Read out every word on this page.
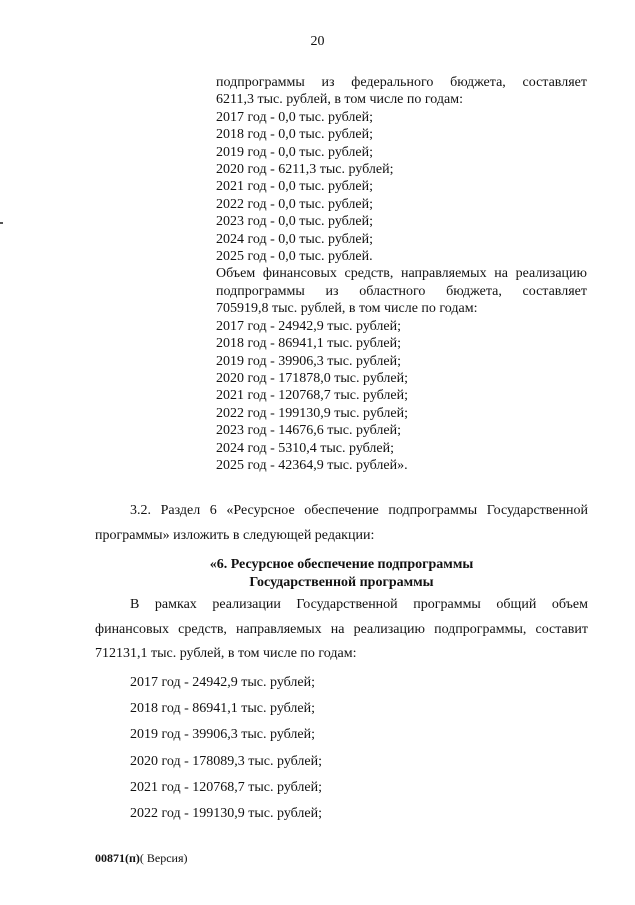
20
подпрограммы из федерального бюджета, составляет
6211,3 тыс. рублей, в том числе по годам:
2017 год - 0,0 тыс. рублей;
2018 год - 0,0 тыс. рублей;
2019 год - 0,0 тыс. рублей;
2020 год - 6211,3 тыс. рублей;
2021 год - 0,0 тыс. рублей;
2022 год - 0,0 тыс. рублей;
2023 год - 0,0 тыс. рублей;
2024 год - 0,0 тыс. рублей;
2025 год - 0,0 тыс. рублей.
Объем финансовых средств, направляемых на реализацию
подпрограммы из областного бюджета, составляет
705919,8 тыс. рублей, в том числе по годам:
2017 год - 24942,9 тыс. рублей;
2018 год - 86941,1 тыс. рублей;
2019 год - 39906,3 тыс. рублей;
2020 год - 171878,0 тыс. рублей;
2021 год - 120768,7 тыс. рублей;
2022 год - 199130,9 тыс. рублей;
2023 год - 14676,6 тыс. рублей;
2024 год - 5310,4 тыс. рублей;
2025 год - 42364,9 тыс. рублей».
3.2. Раздел 6 «Ресурсное обеспечение подпрограммы Государственной
программы» изложить в следующей редакции:

«6. Ресурсное обеспечение подпрограммы

Государственной программы

В рамках реализации Государственной программы общий объем
финансовых средств, направляемых на реализацию подпрограммы, составит
712131,1 тыс. рублей, в том числе по годам:
2017 год - 24942,9 тыс. рублей;
2018 год - 86941,1 тыс. рублей;
2019 год - 39906,3 тыс. рублей;
2020 год - 178089,3 тыс. рублей;
2021 год - 120768,7 тыс. рублей;
2022 год - 199130,9 тыс. рублей;
00871(п)( Версия)
